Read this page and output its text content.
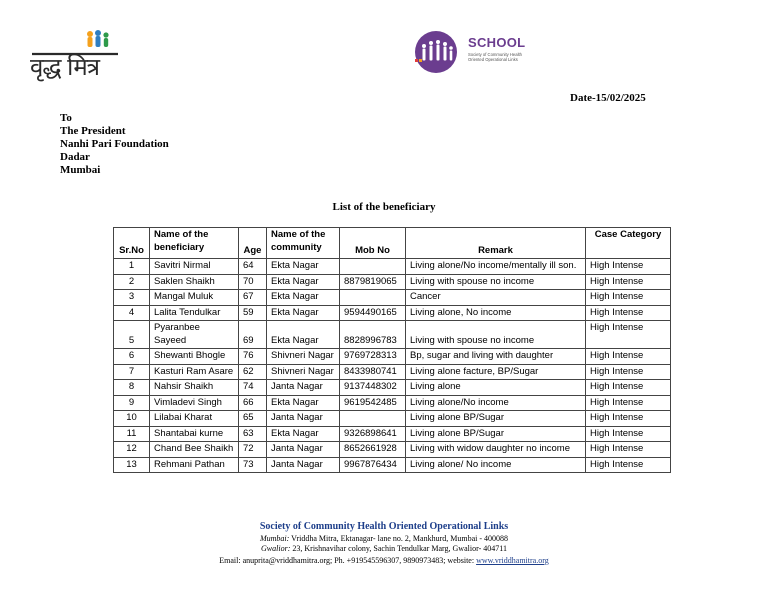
वृद्ध मित्र
SCHOOL
Society of Community Health Oriented Operational Links
Date-15/02/2025
To
The President
Nanhi Pari Foundation
Dadar
Mumbai
List of the beneficiary
Sr.No	Name of the beneficiary	Age	Name of the community	Mob No	Remark	Case Category
1	Savitri Nirmal	64	Ekta Nagar		Living alone/No income/mentally ill son.	High Intense
2	Saklen Shaikh	70	Ekta Nagar	8879819065	Living with spouse no income	High Intense
3	Mangal Muluk	67	Ekta Nagar		Cancer	High Intense
4	Lalita Tendulkar	59	Ekta Nagar	9594490165	Living alone, No income	High Intense
5	Pyaranbee Sayeed	69	Ekta Nagar	8828996783	Living with spouse no income	High Intense
6	Shewanti Bhogle	76	Shivneri Nagar	9769728313	Bp, sugar and living with daughter	High Intense
7	Kasturi Ram Asare	62	Shivneri Nagar	8433980741	Living alone facture, BP/Sugar	High Intense
8	Nahsir Shaikh	74	Janta Nagar	9137448302	Living alone	High Intense
9	Vimladevi Singh	66	Ekta Nagar	9619542485	Living alone/No income	High Intense
10	Lilabai Kharat	65	Janta Nagar		Living alone BP/Sugar	High Intense
11	Shantabai kurne	63	Ekta Nagar	9326898641	Living alone BP/Sugar	High Intense
12	Chand Bee Shaikh	72	Janta Nagar	8652661928	Living with widow daughter no income	High Intense
13	Rehmani Pathan	73	Janta Nagar	9967876434	Living alone/ No income	High Intense
Society of Community Health Oriented Operational Links
Mumbai: Vriddha Mitra, Ektanagar- lane no. 2, Mankhurd, Mumbai - 400088
Gwalior: 23, Krishnavihar colony, Sachin Tendulkar Marg, Gwalior- 404711
Email: anuprita@vriddhamitra.org; Ph. +919545596307, 9890973483; website: www.vriddhamitra.org
